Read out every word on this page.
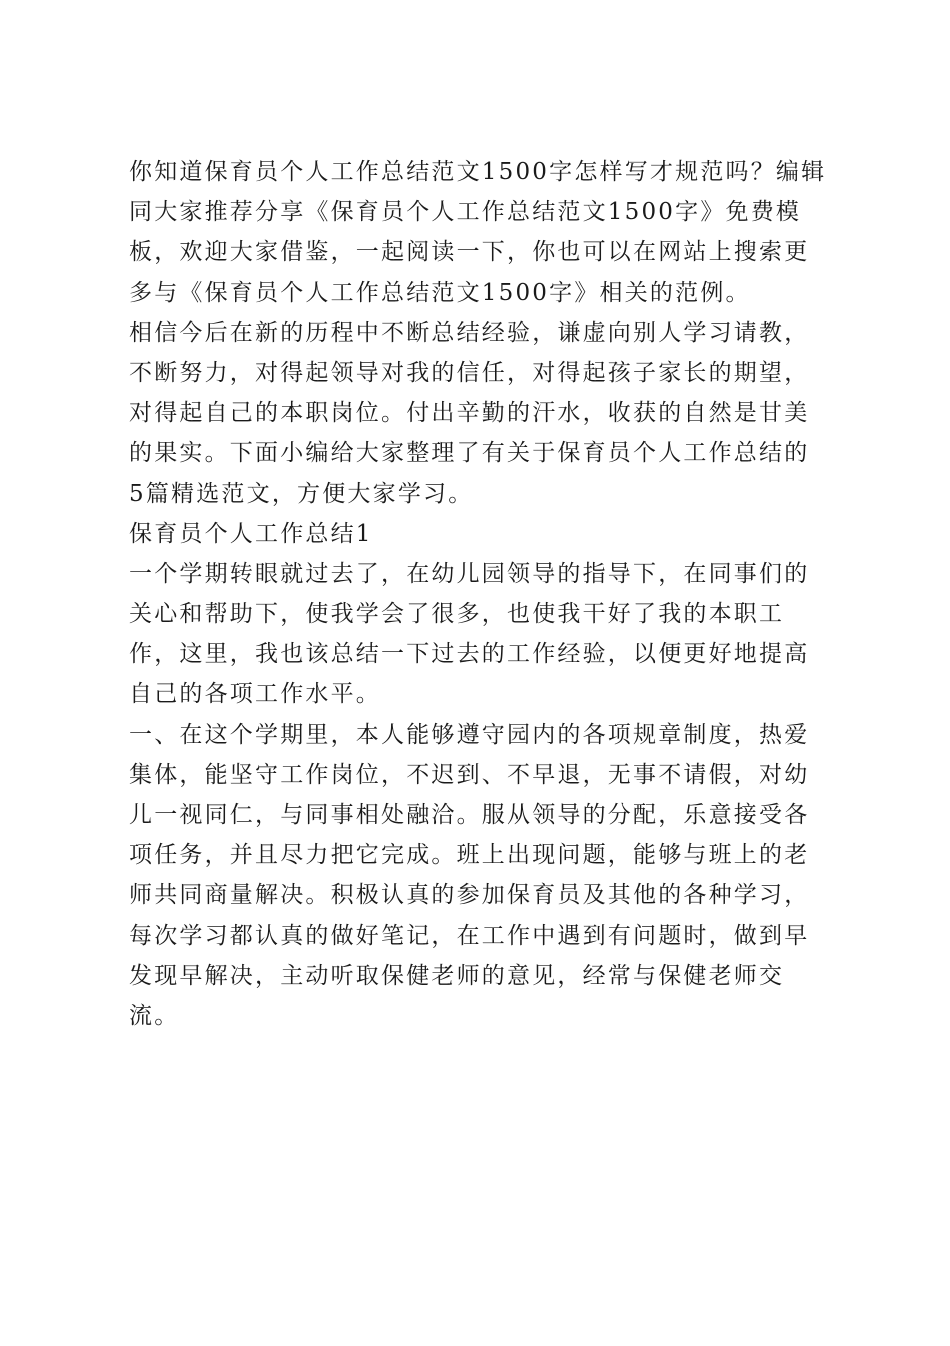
你知道保育员个人工作总结范文1500字怎样写才规范吗？编辑
同大家推荐分享《保育员个人工作总结范文1500字》免费模
板，欢迎大家借鉴，一起阅读一下，你也可以在网站上搜索更
多与《保育员个人工作总结范文1500字》相关的范例。
相信今后在新的历程中不断总结经验，谦虚向别人学习请教，
不断努力，对得起领导对我的信任，对得起孩子家长的期望，
对得起自己的本职岗位。付出辛勤的汗水，收获的自然是甘美
的果实。下面小编给大家整理了有关于保育员个人工作总结的
5篇精选范文，方便大家学习。
保育员个人工作总结1
一个学期转眼就过去了，在幼儿园领导的指导下，在同事们的
关心和帮助下，使我学会了很多，也使我干好了我的本职工
作，这里，我也该总结一下过去的工作经验，以便更好地提高
自己的各项工作水平。
一、在这个学期里，本人能够遵守园内的各项规章制度，热爱
集体，能坚守工作岗位，不迟到、不早退，无事不请假，对幼
儿一视同仁，与同事相处融洽。服从领导的分配，乐意接受各
项任务，并且尽力把它完成。班上出现问题，能够与班上的老
师共同商量解决。积极认真的参加保育员及其他的各种学习，
每次学习都认真的做好笔记，在工作中遇到有问题时，做到早
发现早解决，主动听取保健老师的意见，经常与保健老师交
流。
